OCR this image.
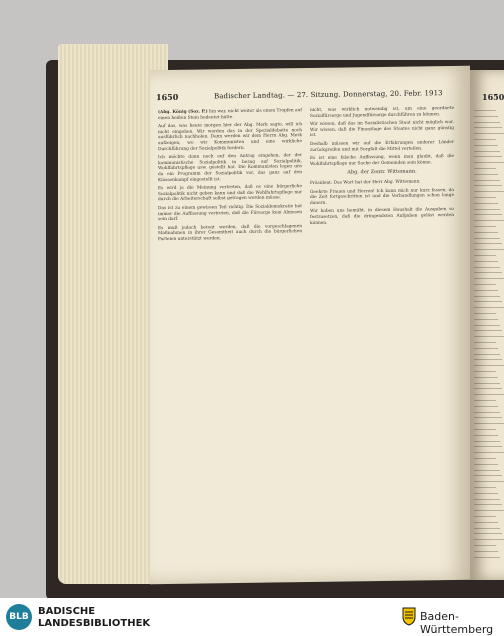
1650	Badischer Landtag. — 27. Sitzung. Donnerstag, 20. Febr. 1913

(Abg. König (Soz. P.) hin war, nicht weiter als einen Tropfen auf einen heißen Stein bedeutet hätte.

Auf das, was heute morgen hier der Abg. Merk sagte, will ich nicht eingehen. Wir werden das in der Spezialdebatte noch ausführlich nachholen. Dann werden wir dem Herrn Abg. Merk aufzeigen, wo wir Kommunisten und eine wirkliche Durchführung der Sozialpolitik fordern.

Ich möchte dann noch auf den Antrag eingehen, der der kommunistische Sozialpolitik in bezug auf Sozialpolitik, Wohlfahrtspflege usw. gestellt hat. Die Kommunisten legen uns da ein Programm der Sozialpolitik vor, das ganz auf den Klassenkampf eingestellt ist.

Es wird ja die Meinung vertreten, daß es eine bürgerliche Sozialpolitik nicht geben kann und daß die Wohlfahrtspflege nur durch die Arbeiterschaft selbst getragen werden müsse.

Das ist zu einem gewissen Teil richtig. Die Sozialdemokratie hat immer die Auffassung vertreten, daß die Fürsorge kein Almosen sein darf.

Es muß jedoch betont werden, daß die vorgeschlagenen Maßnahmen in ihrer Gesamtheit auch durch die bürgerlichen Parteien unterstützt werden.

nicht, was wirklich notwendig ist, um eine geordnete Sozialfürsorge und Jugendfürsorge durchführen zu können.

Wir wissen, daß das im Sozialistischen Staat nicht möglich war. Wir wissen, daß die Finanzlage des Staates nicht ganz günstig ist.

Deshalb müssen wir auf die Erfahrungen anderer Länder zurückgreifen und mit Sorgfalt die Mittel verteilen.

Es ist eine falsche Auffassung, wenn man glaubt, daß die Wohlfahrtspflege nur Sache der Gemeinden sein könne.

Abg. der Zentr. Wittemann.

Präsident: Das Wort hat der Herr Abg. Wittemann.

Geehrte Frauen und Herren! Ich kann mich nur kurz fassen, da die Zeit fortgeschritten ist und die Verhandlungen schon lange dauern.

Wir haben uns bemüht, in diesem Haushalt die Ausgaben so festzusetzen, daß die dringendsten Aufgaben gelöst werden können.

1650
BLB BADISCHE
LANDESBIBLIOTHEK
Baden-Württemberg
